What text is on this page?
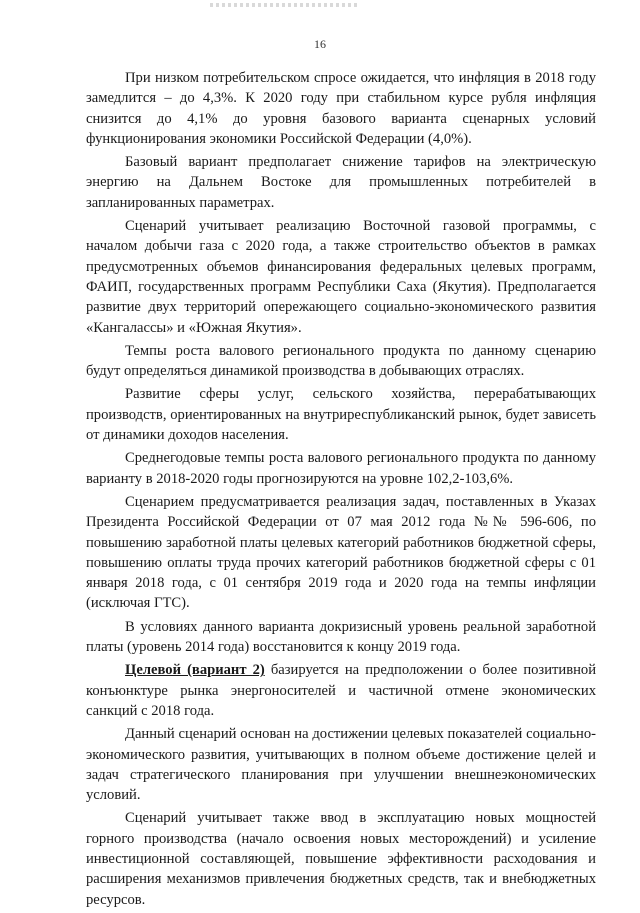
16

При низком потребительском спросе ожидается, что инфляция в 2018 году замедлится – до 4,3%. К 2020 году при стабильном курсе рубля инфляция снизится до 4,1% до уровня базового варианта сценарных условий функционирования экономики Российской Федерации (4,0%).

Базовый вариант предполагает снижение тарифов на электрическую энергию на Дальнем Востоке для промышленных потребителей в запланированных параметрах.

Сценарий учитывает реализацию Восточной газовой программы, с началом добычи газа с 2020 года, а также строительство объектов в рамках предусмотренных объемов финансирования федеральных целевых программ, ФАИП, государственных программ Республики Саха (Якутия). Предполагается развитие двух территорий опережающего социально-экономического развития «Кангалассы» и «Южная Якутия».

Темпы роста валового регионального продукта по данному сценарию будут определяться динамикой производства в добывающих отраслях.

Развитие сферы услуг, сельского хозяйства, перерабатывающих производств, ориентированных на внутриреспубликанский рынок, будет зависеть от динамики доходов населения.

Среднегодовые темпы роста валового регионального продукта по данному варианту в 2018-2020 годы прогнозируются на уровне 102,2-103,6%.

Сценарием предусматривается реализация задач, поставленных в Указах Президента Российской Федерации от 07 мая 2012 года №№ 596-606, по повышению заработной платы целевых категорий работников бюджетной сферы, повышению оплаты труда прочих категорий работников бюджетной сферы с 01 января 2018 года, с 01 сентября 2019 года и 2020 года на темпы инфляции (исключая ГТС).

В условиях данного варианта докризисный уровень реальной заработной платы (уровень 2014 года) восстановится к концу 2019 года.

Целевой (вариант 2) базируется на предположении о более позитивной конъюнктуре рынка энергоносителей и частичной отмене экономических санкций с 2018 года.

Данный сценарий основан на достижении целевых показателей социально-экономического развития, учитывающих в полном объеме достижение целей и задач стратегического планирования при улучшении внешнеэкономических условий.

Сценарий учитывает также ввод в эксплуатацию новых мощностей горного производства (начало освоения новых месторождений) и усиление инвестиционной составляющей, повышение эффективности расходования и расширения механизмов привлечения бюджетных средств, так и внебюджетных ресурсов.
